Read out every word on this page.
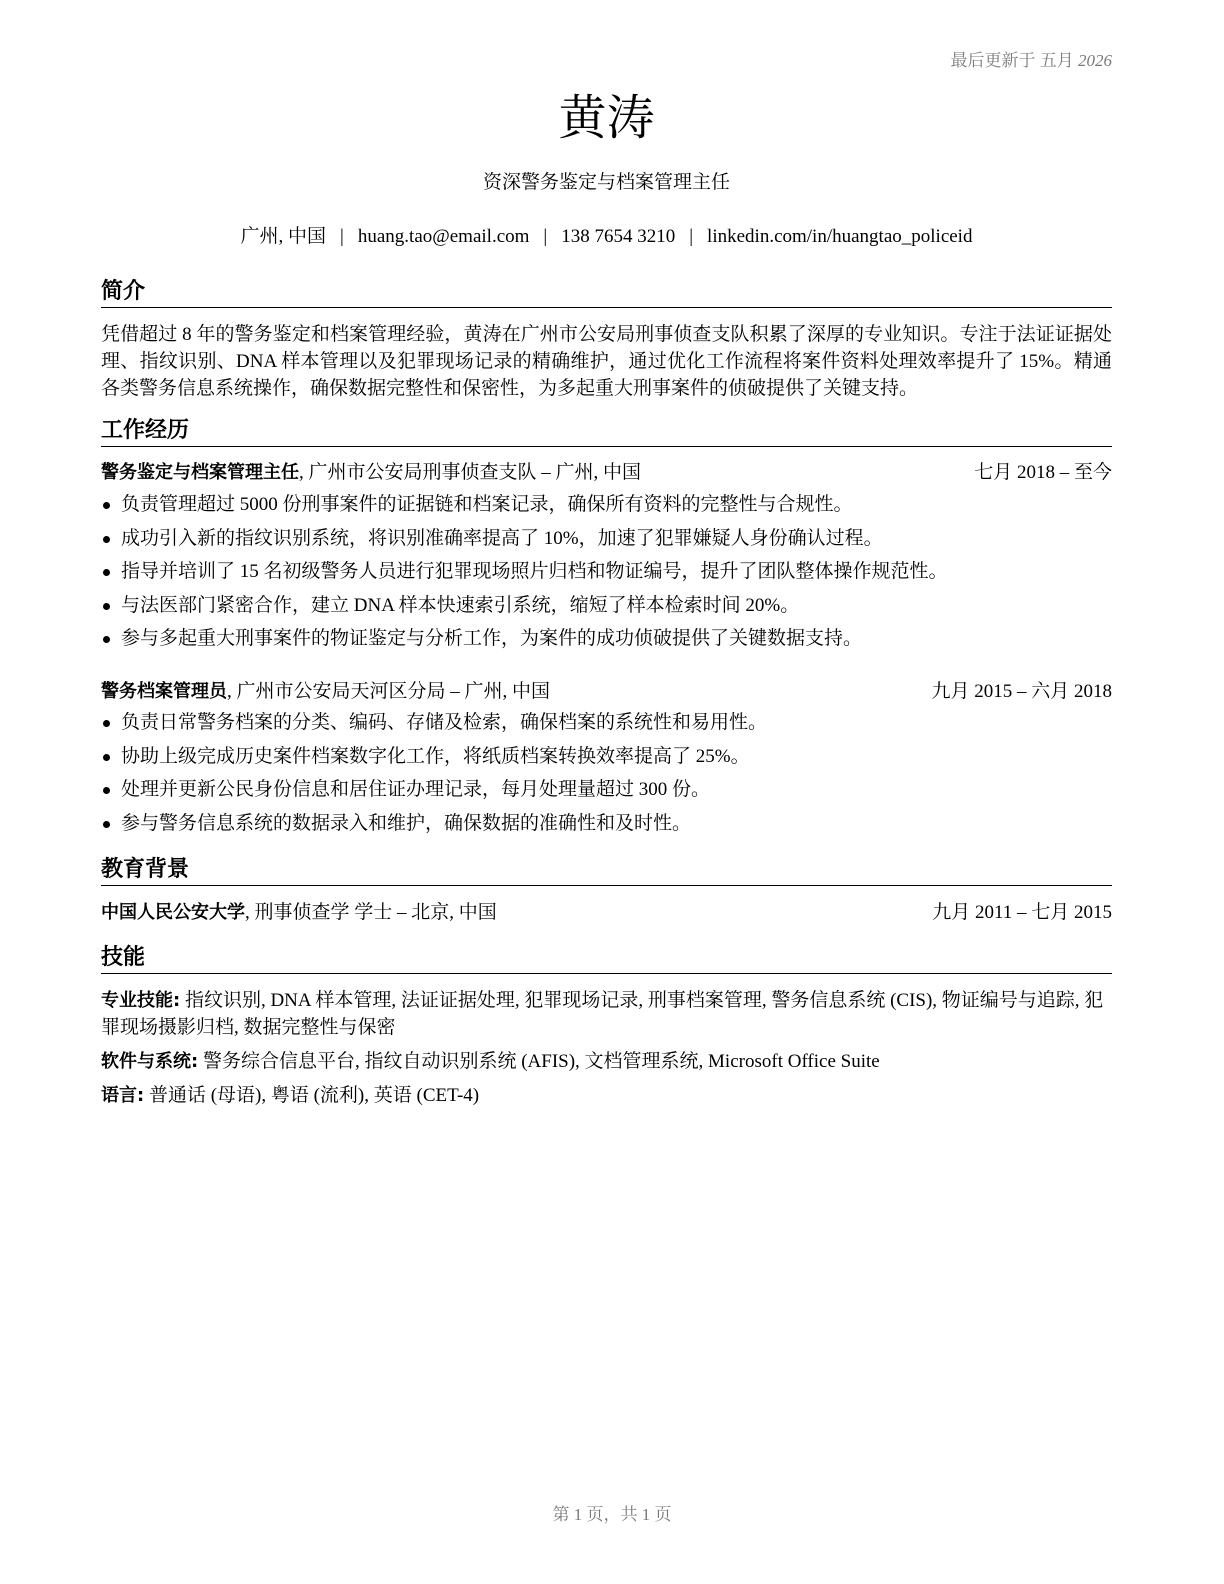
最后更新于 五月 2026
黄涛
资深警务鉴定与档案管理主任
广州, 中国 | huang.tao@email.com | 138 7654 3210 | linkedin.com/in/huangtao_policeid
简介
凭借超过 8 年的警务鉴定和档案管理经验，黄涛在广州市公安局刑事侦查支队积累了深厚的专业知识。专注于法证证据处理、指纹识别、DNA 样本管理以及犯罪现场记录的精确维护，通过优化工作流程将案件资料处理效率提升了 15%。精通各类警务信息系统操作，确保数据完整性和保密性，为多起重大刑事案件的侦破提供了关键支持。
工作经历
警务鉴定与档案管理主任, 广州市公安局刑事侦查支队 – 广州, 中国	七月 2018 – 至今
负责管理超过 5000 份刑事案件的证据链和档案记录，确保所有资料的完整性与合规性。
成功引入新的指纹识别系统，将识别准确率提高了 10%，加速了犯罪嫌疑人身份确认过程。
指导并培训了 15 名初级警务人员进行犯罪现场照片归档和物证编号，提升了团队整体操作规范性。
与法医部门紧密合作，建立 DNA 样本快速索引系统，缩短了样本检索时间 20%。
参与多起重大刑事案件的物证鉴定与分析工作，为案件的成功侦破提供了关键数据支持。
警务档案管理员, 广州市公安局天河区分局 – 广州, 中国	九月 2015 – 六月 2018
负责日常警务档案的分类、编码、存储及检索，确保档案的系统性和易用性。
协助上级完成历史案件档案数字化工作，将纸质档案转换效率提高了 25%。
处理并更新公民身份信息和居住证办理记录，每月处理量超过 300 份。
参与警务信息系统的数据录入和维护，确保数据的准确性和及时性。
教育背景
中国人民公安大学, 刑事侦查学 学士 – 北京, 中国	九月 2011 – 七月 2015
技能
专业技能: 指纹识别, DNA 样本管理, 法证证据处理, 犯罪现场记录, 刑事档案管理, 警务信息系统 (CIS), 物证编号与追踪, 犯罪现场摄影归档, 数据完整性与保密
软件与系统: 警务综合信息平台, 指纹自动识别系统 (AFIS), 文档管理系统, Microsoft Office Suite
语言: 普通话 (母语), 粤语 (流利), 英语 (CET-4)
第 1 页，共 1 页
